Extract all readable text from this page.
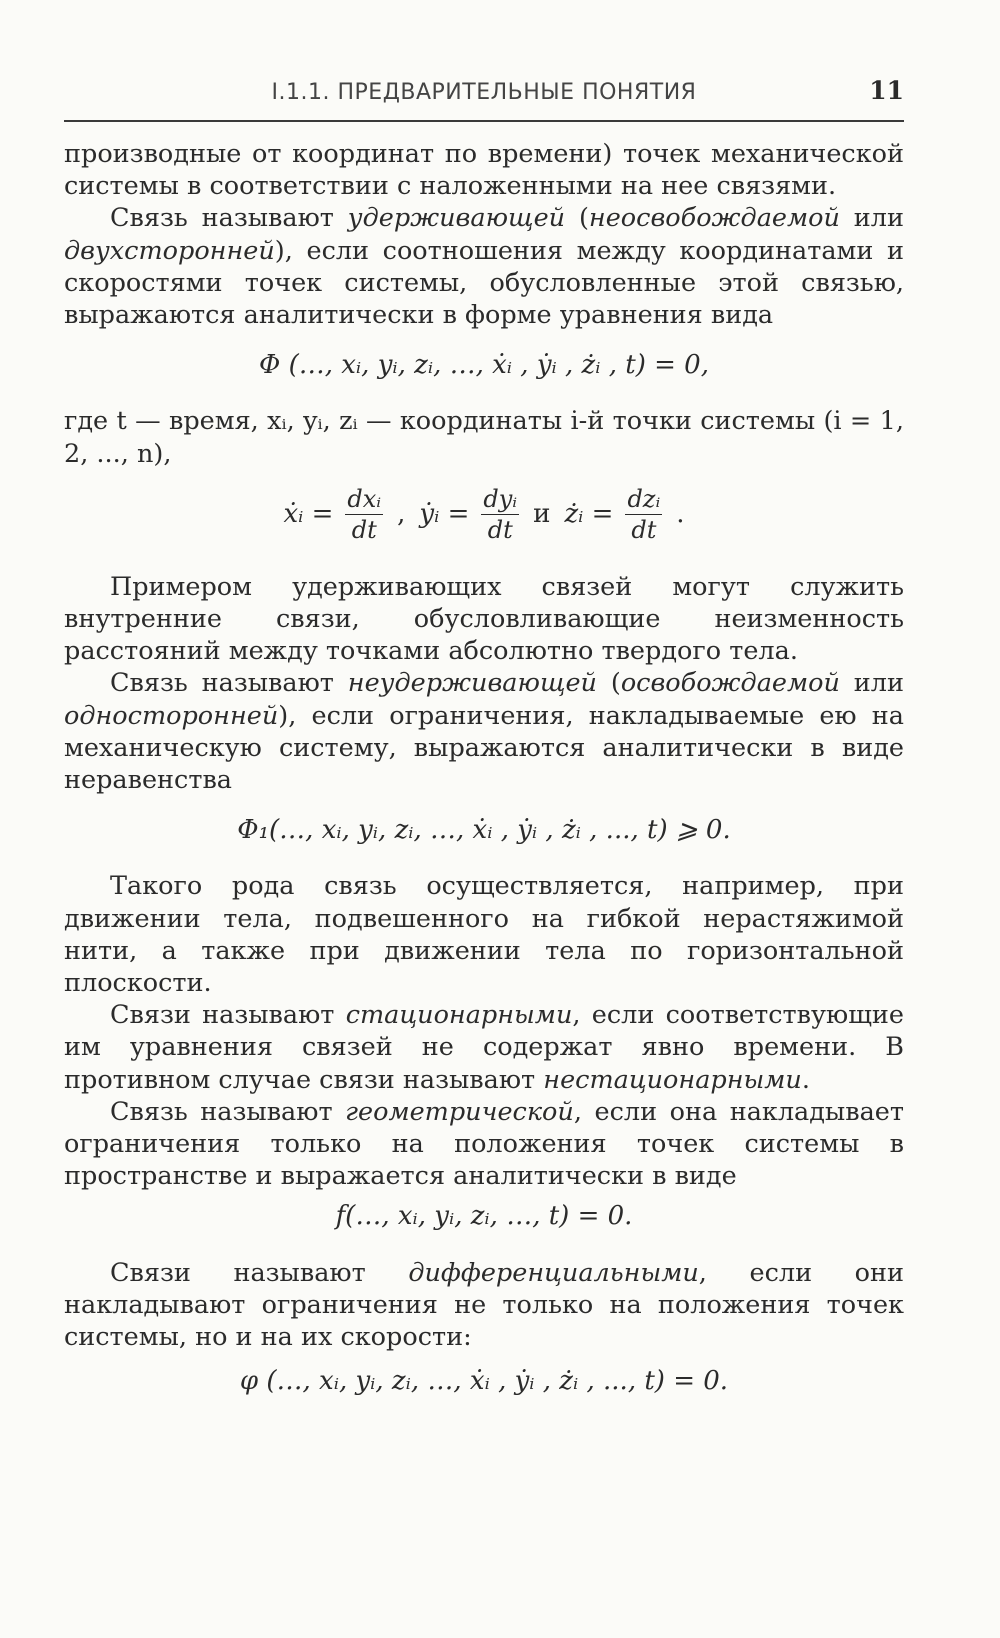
I.1.1. ПРЕДВАРИТЕЛЬНЫЕ ПОНЯТИЯ	11

производные от координат по времени) точек механической системы в соответствии с наложенными на нее связями.

Связь называют удерживающей (неосвобождаемой или двухсторонней), если соотношения между координатами и скоростями точек системы, обусловленные этой связью, выражаются аналитически в форме уравнения вида

Φ (…, xᵢ, yᵢ, zᵢ, …, ẋᵢ , ẏᵢ , żᵢ , t) = 0,

где t — время, xᵢ, yᵢ, zᵢ — координаты i-й точки системы (i = 1, 2, ..., n),

ẋᵢ = $\frac{\text{dxᵢ}}{dt}$ , ẏᵢ = $\frac{\text{dyᵢ}}{dt}$ и żᵢ = $\frac{\text{dzᵢ}}{dt}$ .

Примером удерживающих связей могут служить внутренние связи, обусловливающие неизменность расстояний между точками абсолютно твердого тела.

Связь называют неудерживающей (освобождаемой или односторонней), если ограничения, накладываемые ею на механическую систему, выражаются аналитически в виде неравенства

Φ₁(…, xᵢ, yᵢ, zᵢ, …, ẋᵢ , ẏᵢ , żᵢ , ..., t) ⩾ 0.

Такого рода связь осуществляется, например, при движении тела, подвешенного на гибкой нерастяжимой нити, а также при движении тела по горизонтальной плоскости.

Связи называют стационарными, если соответствующие им уравнения связей не содержат явно времени. В противном случае связи называют нестационарными.

Связь называют геометрической, если она накладывает ограничения только на положения точек системы в пространстве и выражается аналитически в виде

f(…, xᵢ, yᵢ, zᵢ, …, t) = 0.

Связи называют дифференциальными, если они накладывают ограничения не только на положения точек системы, но и на их скорости:

φ (…, xᵢ, yᵢ, zᵢ, …, ẋᵢ , ẏᵢ , żᵢ , ..., t) = 0.
